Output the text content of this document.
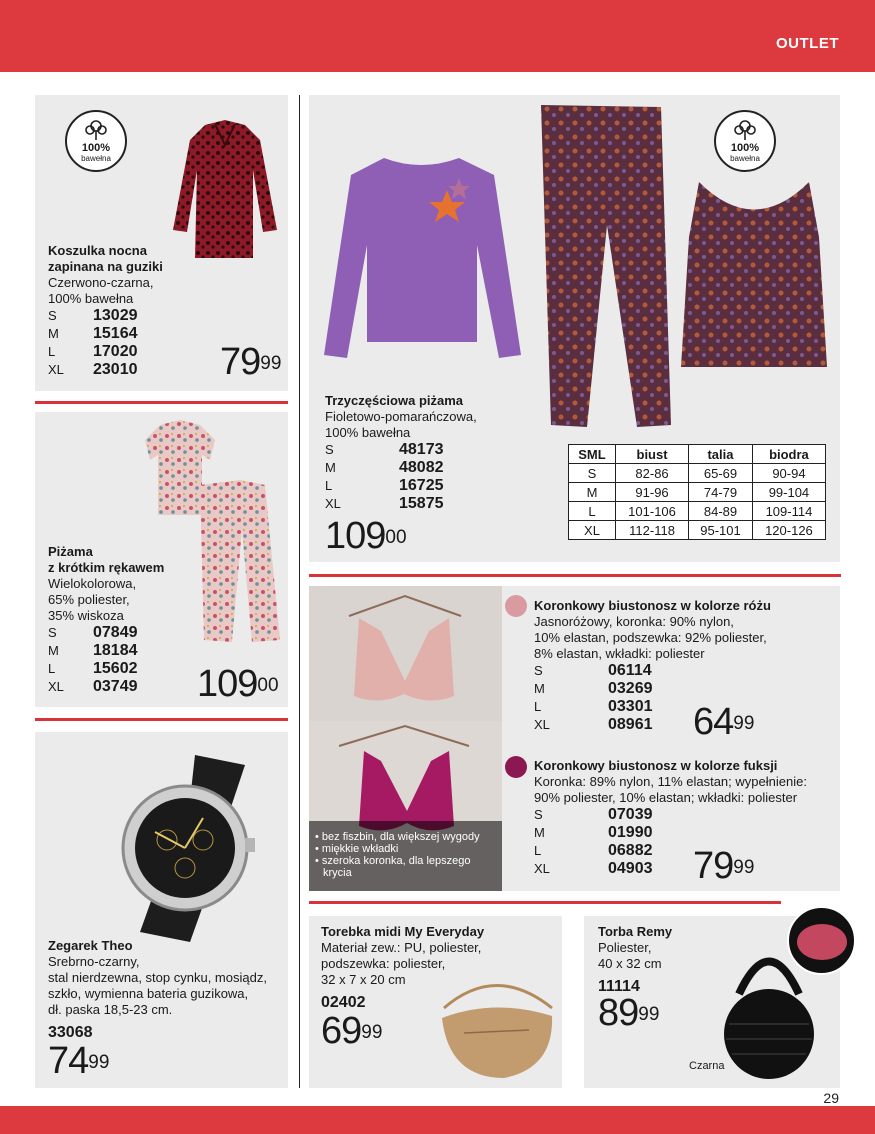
OUTLET
100%
bawełna
Koszulka nocna
zapinana na guziki
Czerwono-czarna,
100% bawełna
S	13029
M	15164
L	17020
XL	23010 $79^{99}$
Piżama
z krótkim rękawem
Wielokolorowa,
65% poliester,
35% wiskoza
S	07849
M	18184
L	15602
XL	03749 $109^{00}$
Zegarek Theo
Srebrno-czarny,
stal nierdzewna, stop cynku, mosiądz,
szkło, wymienna bateria guzikowa,
dł. paska 18,5-23 cm.
33068
$74^{99}$
100%
bawełna
Trzyczęściowa piżama
Fioletowo-pomarańczowa,
100% bawełna
S	48173
M	48082
L	16725
XL	15875
$109^{00}$
SML	biust	talia	biodra
S	82-86	65-69	90-94
M	91-96	74-79	99-104
L	101-106	84-89	109-114
XL	112-118	95-101	120-126
• bez fiszbin, dla większej wygody
• miękkie wkładki
• szeroka koronka, dla lepszego
krycia
Koronkowy biustonosz w kolorze różu
Jasnoróżowy, koronka: 90% nylon,
10% elastan, podszewka: 92% poliester,
8% elastan, wkładki: poliester
S	06114
M	03269
L	03301
XL	08961 $64^{99}$
Koronkowy biustonosz w kolorze fuksji
Koronka: 89% nylon, 11% elastan; wypełnienie:
90% poliester, 10% elastan; wkładki: poliester
S	07039
M	01990
L	06882
XL	04903 $79^{99}$
Torebka midi My Everyday
Materiał zew.: PU, poliester,
podszewka: poliester,
32 x 7 x 20 cm
02402
$69^{99}$
Torba Remy
Poliester,
40 x 32 cm
11114
$89^{99}$
Czarna
29
